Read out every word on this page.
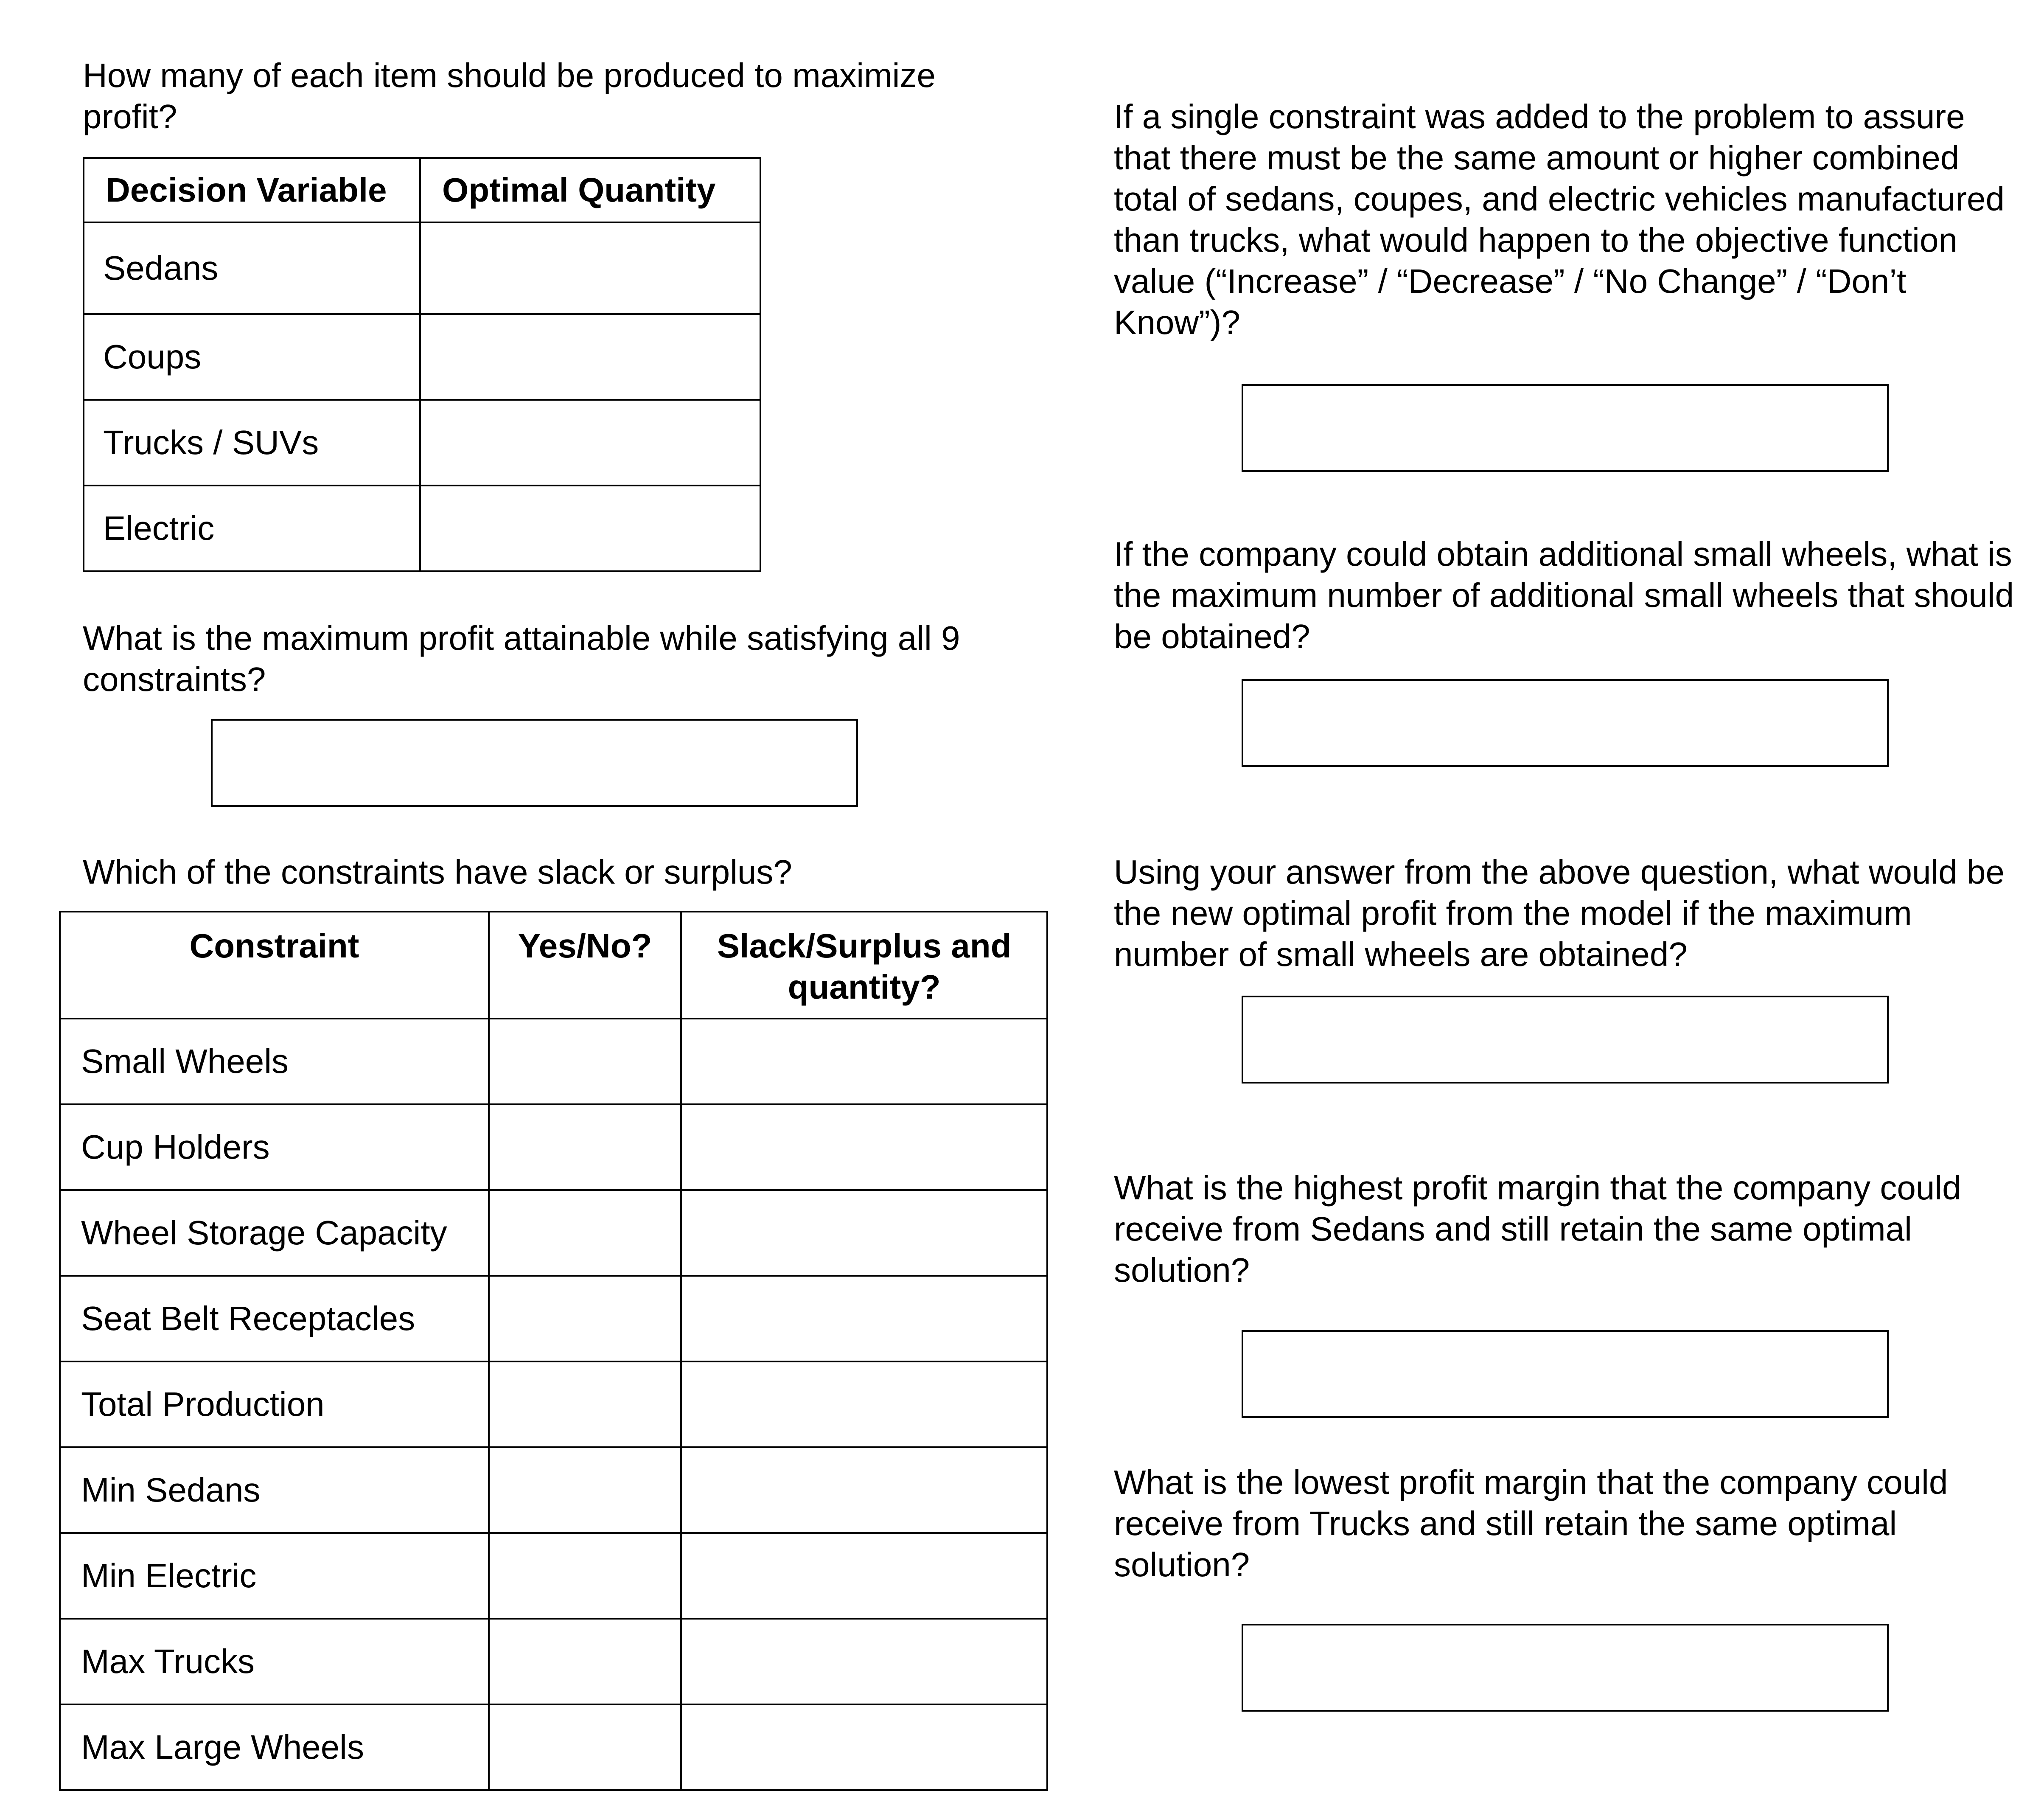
How many of each item should be produced to maximize profit?

Decision Variable	Optimal Quantity
Sedans	
Coups	
Trucks / SUVs	
Electric	

What is the maximum profit attainable while satisfying all 9 constraints?

Which of the constraints have slack or surplus?

Constraint	Yes/No?	Slack/Surplus and quantity?

Small Wheels		
Cup Holders		
Wheel Storage Capacity		
Seat Belt Receptacles		
Total Production		
Min Sedans		
Min Electric		
Max Trucks		
Max Large Wheels		

If a single constraint was added to the problem to assure that there must be the same amount or higher combined total of sedans, coupes, and electric vehicles manufactured than trucks, what would happen to the objective function value (“Increase” / “Decrease” / “No Change” / “Don’t Know”)?

If the company could obtain additional small wheels, what is the maximum number of additional small wheels that should be obtained?

Using your answer from the above question, what would be the new optimal profit from the model if the maximum number of small wheels are obtained?

What is the highest profit margin that the company could receive from Sedans and still retain the same optimal solution?

What is the lowest profit margin that the company could receive from Trucks and still retain the same optimal solution?
